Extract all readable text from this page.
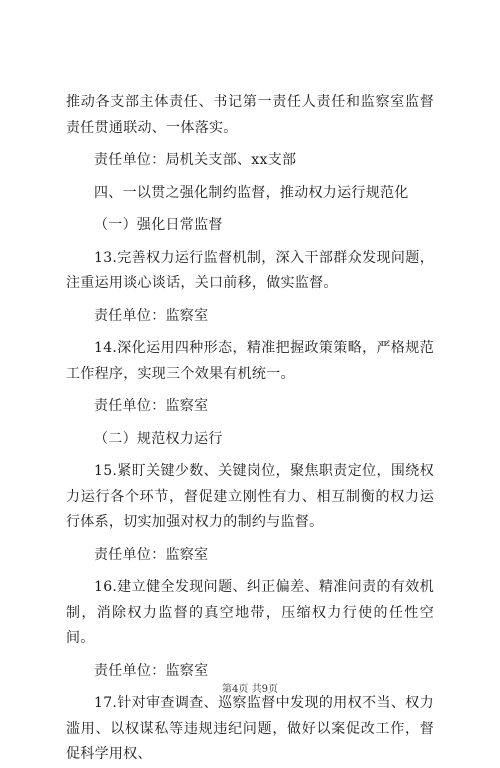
推动各支部主体责任、书记第一责任人责任和监察室监督责任贯通联动、一体落实。

责任单位：局机关支部、xx支部

四、一以贯之强化制约监督，推动权力运行规范化

（一）强化日常监督

13.完善权力运行监督机制，深入干部群众发现问题，注重运用谈心谈话，关口前移，做实监督。

责任单位：监察室

14.深化运用四种形态，精准把握政策策略，严格规范工作程序，实现三个效果有机统一。

责任单位：监察室

（二）规范权力运行

15.紧盯关键少数、关键岗位，聚焦职责定位，围绕权力运行各个环节，督促建立刚性有力、相互制衡的权力运行体系，切实加强对权力的制约与监督。

责任单位：监察室

16.建立健全发现问题、纠正偏差、精准问责的有效机制，消除权力监督的真空地带，压缩权力行使的任性空间。

责任单位：监察室

17.针对审查调查、巡察监督中发现的用权不当、权力滥用、以权谋私等违规违纪问题，做好以案促改工作，督促科学用权、

第4页 共9页
